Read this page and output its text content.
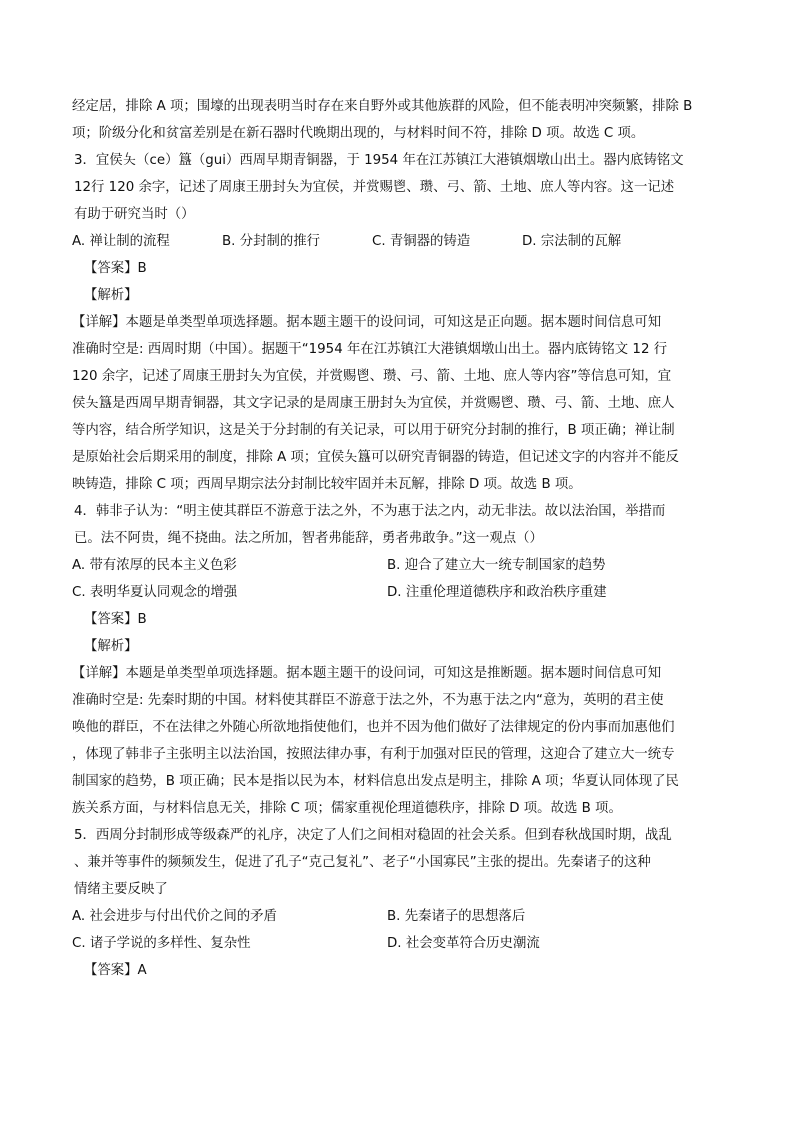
经定居，排除 A 项；围壕的出现表明当时存在来自野外或其他族群的风险，但不能表明冲突频繁，排除 B
项；阶级分化和贫富差别是在新石器时代晚期出现的，与材料时间不符，排除 D 项。故选 C 项。
3．宜侯夨（ce）簋（gui）西周早期青铜器，于 1954 年在江苏镇江大港镇烟墩山出土。器内底铸铭文
12行 120 余字，记述了周康王册封夨为宜侯，并赏赐鬯、瓒、弓、箭、土地、庶人等内容。这一记述
有助于研究当时（）
A. 禅让制的流程	B. 分封制的推行	C. 青铜器的铸造	D. 宗法制的瓦解
【答案】B
【解析】
【详解】本题是单类型单项选择题。据本题主题干的设问词，可知这是正向题。据本题时间信息可知
准确时空是: 西周时期（中国）。据题干“1954 年在江苏镇江大港镇烟墩山出土。器内底铸铭文 12 行
120 余字，记述了周康王册封夨为宜侯，并赏赐鬯、瓒、弓、箭、土地、庶人等内容”等信息可知，宜
侯夨簋是西周早期青铜器，其文字记录的是周康王册封夨为宜侯，并赏赐鬯、瓒、弓、箭、土地、庶人
等内容，结合所学知识，这是关于分封制的有关记录，可以用于研究分封制的推行，B 项正确；禅让制
是原始社会后期采用的制度，排除 A 项；宜侯夨簋可以研究青铜器的铸造，但记述文字的内容并不能反
映铸造，排除 C 项；西周早期宗法分封制比较牢固并未瓦解，排除 D 项。故选 B 项。
4．韩非子认为：“明主使其群臣不游意于法之外，不为惠于法之内，动无非法。故以法治国，举措而
已。法不阿贵，绳不挠曲。法之所加，智者弗能辞，勇者弗敢争。”这一观点（）
A. 带有浓厚的民本主义色彩	B. 迎合了建立大一统专制国家的趋势
C. 表明华夏认同观念的增强	D. 注重伦理道德秩序和政治秩序重建
【答案】B
【解析】
【详解】本题是单类型单项选择题。据本题主题干的设问词，可知这是推断题。据本题时间信息可知
准确时空是: 先秦时期的中国。材料使其群臣不游意于法之外，不为惠于法之内“意为，英明的君主使
唤他的群臣，不在法律之外随心所欲地指使他们，也并不因为他们做好了法律规定的份内事而加惠他们
，体现了韩非子主张明主以法治国，按照法律办事，有利于加强对臣民的管理，这迎合了建立大一统专
制国家的趋势，B 项正确；民本是指以民为本，材料信息出发点是明主，排除 A 项；华夏认同体现了民
族关系方面，与材料信息无关，排除 C 项；儒家重视伦理道德秩序，排除 D 项。故选 B 项。
5．西周分封制形成等级森严的礼序，决定了人们之间相对稳固的社会关系。但到春秋战国时期，战乱
、兼并等事件的频频发生，促进了孔子“克己复礼”、老子“小国寡民”主张的提出。先秦诸子的这种
情绪主要反映了
A. 社会进步与付出代价之间的矛盾	B. 先秦诸子的思想落后
C. 诸子学说的多样性、复杂性	D. 社会变革符合历史潮流
【答案】A
